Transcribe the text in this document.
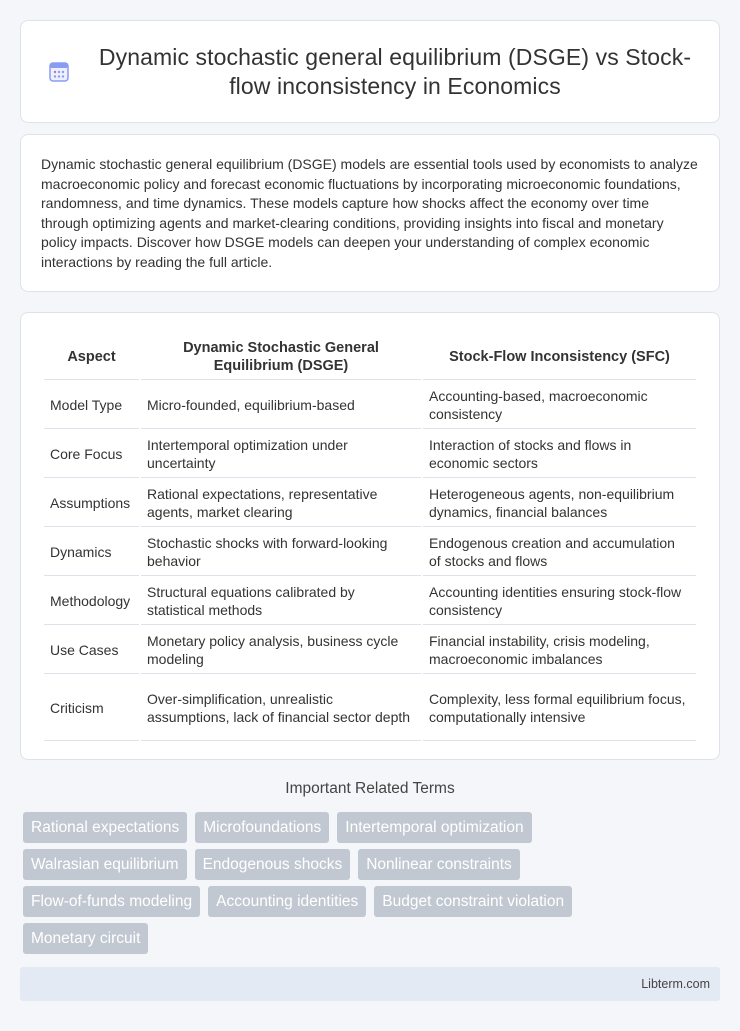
Dynamic stochastic general equilibrium (DSGE) vs Stock-flow inconsistency in Economics

Dynamic stochastic general equilibrium (DSGE) models are essential tools used by economists to analyze macroeconomic policy and forecast economic fluctuations by incorporating microeconomic foundations, randomness, and time dynamics. These models capture how shocks affect the economy over time through optimizing agents and market-clearing conditions, providing insights into fiscal and monetary policy impacts. Discover how DSGE models can deepen your understanding of complex economic interactions by reading the full article.

Aspect	Dynamic Stochastic General Equilibrium (DSGE)	Stock-Flow Inconsistency (SFC)
Model Type	Micro-founded, equilibrium-based	Accounting-based, macroeconomic consistency
Core Focus	Intertemporal optimization under uncertainty	Interaction of stocks and flows in economic sectors
Assumptions	Rational expectations, representative agents, market clearing	Heterogeneous agents, non-equilibrium dynamics, financial balances
Dynamics	Stochastic shocks with forward-looking behavior	Endogenous creation and accumulation of stocks and flows
Methodology	Structural equations calibrated by statistical methods	Accounting identities ensuring stock-flow consistency
Use Cases	Monetary policy analysis, business cycle modeling	Financial instability, crisis modeling, macroeconomic imbalances
Criticism	Over-simplification, unrealistic assumptions, lack of financial sector depth	Complexity, less formal equilibrium focus, computationally intensive
Important Related Terms
Rational expectations	Microfoundations	Intertemporal optimization
Walrasian equilibrium	Endogenous shocks	Nonlinear constraints
Flow-of-funds modeling	Accounting identities	Budget constraint violation
Monetary circuit
Libterm.com
